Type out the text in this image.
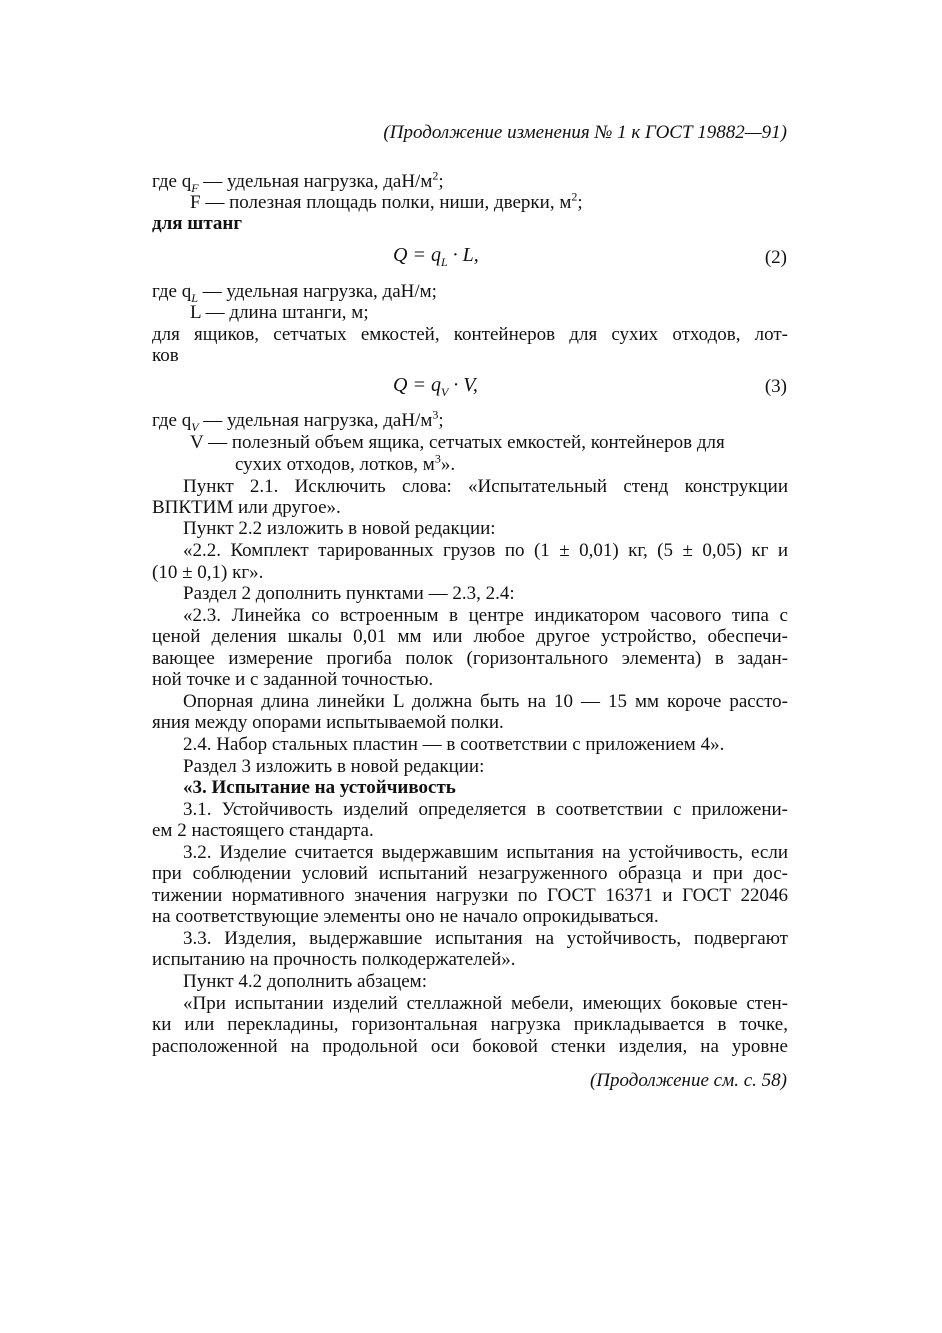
(Продолжение изменения № 1 к ГОСТ 19882—91)
где $q_F$ — удельная нагрузка, даН/$м^2$;
F — полезная площадь полки, ниши, дверки, $м^2$;
для штанг
$Q = q_L \cdot L$,	(2)
где $q_L$ — удельная нагрузка, даН/м;
L — длина штанги, м;
для ящиков, сетчатых емкостей, контейнеров для сухих отходов, лот-
ков
$Q = q_V \cdot V$,	(3)
где $q_V$ — удельная нагрузка, даН/$м^3$;
V — полезный объем ящика, сетчатых емкостей, контейнеров для
сухих отходов, лотков, $м^3$».
Пункт 2.1. Исключить слова: «Испытательный стенд конструкции
ВПКТИМ или другое».
Пункт 2.2 изложить в новой редакции:
«2.2. Комплект тарированных грузов по (1 ± 0,01) кг, (5 ± 0,05) кг и
(10 ± 0,1) кг».
Раздел 2 дополнить пунктами — 2.3, 2.4:
«2.3. Линейка со встроенным в центре индикатором часового типа с
ценой деления шкалы 0,01 мм или любое другое устройство, обеспечи-
вающее измерение прогиба полок (горизонтального элемента) в задан-
ной точке и с заданной точностью.
Опорная длина линейки L должна быть на 10 — 15 мм короче рассто-
яния между опорами испытываемой полки.
2.4. Набор стальных пластин — в соответствии с приложением 4».
Раздел 3 изложить в новой редакции:
«3. Испытание на устойчивость
3.1. Устойчивость изделий определяется в соответствии с приложени-
ем 2 настоящего стандарта.
3.2. Изделие считается выдержавшим испытания на устойчивость, если
при соблюдении условий испытаний незагруженного образца и при дос-
тижении нормативного значения нагрузки по ГОСТ 16371 и ГОСТ 22046
на соответствующие элементы оно не начало опрокидываться.
3.3. Изделия, выдержавшие испытания на устойчивость, подвергают
испытанию на прочность полкодержателей».
Пункт 4.2 дополнить абзацем:
«При испытании изделий стеллажной мебели, имеющих боковые стен-
ки или перекладины, горизонтальная нагрузка прикладывается в точке,
расположенной на продольной оси боковой стенки изделия, на уровне
(Продолжение см. с. 58)
